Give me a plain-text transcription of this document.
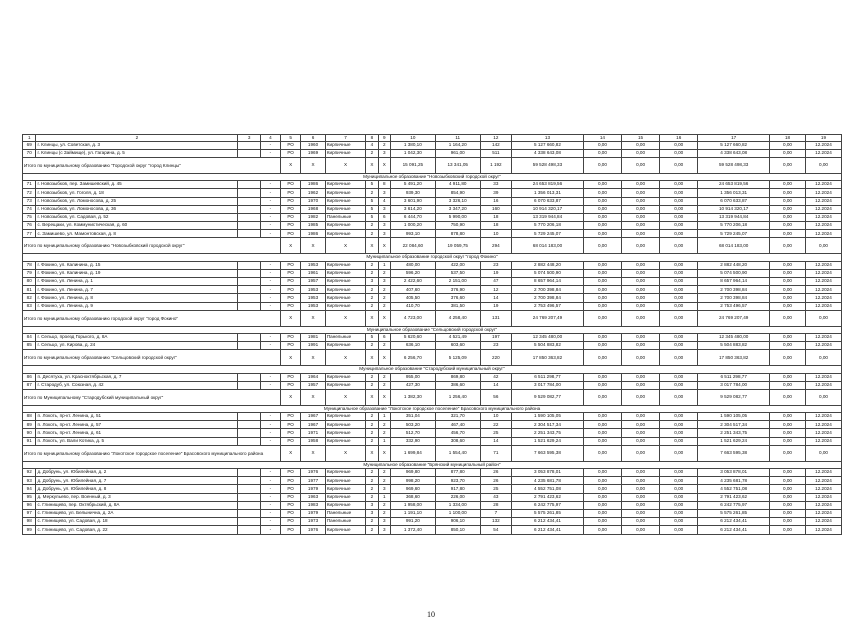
1	2	3	4	5	6	7	8	9	10	11	12	13	14	15	16	17	18	19
69	г. Клинцы, ул. Советская, д. 3		-	РО	1960	Кирпичные	4	2	1 380,10	1 164,20	142	5 127 660,82	0,00	0,00	0,00	5 127 660,82	0,00	12.2024
70	г. Клинцы (с Займище), ул. Гагарина, д. 5		-	РО	1969	Кирпичные	2	3	1 042,30	961,00	511	4 338 643,08	0,00	0,00	0,00	4 338 643,08	0,00	12.2024
Итого по муниципальному образованию "Городской округ "город Клинцы"				X	X	X	X	X	15 091,25	13 341,05	1 192	59 528 498,33	0,00	0,00	0,00	59 528 498,33	0,00	0,00
Муниципальное образование "Новозыбковский городской округ"																		
71	г. Новозыбков, пер. Замишевский, д. 45		-	РО	1986	Кирпичные	5	8	5 491,20	4 911,80	33	24 653 819,56	0,00	0,00	0,00	24 653 819,56	0,00	12.2024
72	г. Новозыбков, ул. Гоголя, д. 18		-	РО	1962	Кирпичные	2	3	939,30	854,90	39	1 356 013,31	0,00	0,00	0,00	1 356 013,31	0,00	12.2024
73	г. Новозыбков, ул. Ломоносова, д. 25		-	РО	1970	Кирпичные	5	4	3 601,90	3 326,10	16	6 070 633,87	0,00	0,00	0,00	6 070 633,87	0,00	12.2024
74	г. Новозыбков, ул. Ломоносова, д. 36		-	РО	1968	Кирпичные	5	3	3 614,20	3 347,20	160	10 914 320,17	0,00	0,00	0,00	10 914 320,17	0,00	12.2024
75	г. Новозыбков, ул. Садовая, д. 52		-	РО	1982	Панельные	5	6	6 444,70	5 990,00	18	13 319 944,84	0,00	0,00	0,00	13 319 944,84	0,00	12.2024
76	с. Верещаки, ул. Коммунистическая, д. 60		-	РО	1985	Кирпичные	2	3	1 000,20	750,90	18	5 770 206,18	0,00	0,00	0,00	5 770 206,18	0,00	12.2024
77	с. Замишево, ул. Мамонтовская, д. 8		-	РО	1986	Кирпичные	2	3	993,10	878,80	10	5 729 245,07	0,00	0,00	0,00	5 729 245,07	0,00	12.2024
Итого по муниципальному образованию "Новозыбковский городской округ"				X	X	X	X	X	22 084,60	19 059,75	294	68 014 183,00	0,00	0,00	0,00	68 014 183,00	0,00	0,00
Муниципальное образование городской округ "город Фокино"																		
78	г. Фокино, ул. Калинина, д. 15		-	РО	1953	Кирпичные	2	1	480,00	422,00	23	2 882 448,20	0,00	0,00	0,00	2 882 448,20	0,00	12.2024
79	г. Фокино, ул. Калинина, д. 19		-	РО	1961	Кирпичные	2	2	596,20	537,50	19	5 074 500,90	0,00	0,00	0,00	5 074 500,90	0,00	12.2024
80	г. Фокино, ул. Ленина, д. 1		-	РО	1957	Кирпичные	3	3	2 422,60	2 151,00	47	8 657 964,14	0,00	0,00	0,00	8 657 964,14	0,00	12.2024
81	г. Фокино, ул. Ленина, д. 7		-	РО	1953	Кирпичные	2	2	407,60	376,90	12	2 700 398,84	0,00	0,00	0,00	2 700 398,84	0,00	12.2024
82	г. Фокино, ул. Ленина, д. 8		-	РО	1953	Кирпичные	2	2	405,50	376,60	14	2 700 398,84	0,00	0,00	0,00	2 700 398,84	0,00	12.2024
83	г. Фокино, ул. Ленина, д. 9		-	РО	1953	Кирпичные	2	2	410,70	381,50	19	2 753 496,57	0,00	0,00	0,00	2 753 496,57	0,00	12.2024
Итого по муниципальному образованию городской округ "город Фокино"				X	X	X	X	X	4 723,00	4 258,40	131	24 769 207,49	0,00	0,00	0,00	24 769 207,49	0,00	0,00
Муниципальное образование "Сельцовский городской округ"																		
84	г. Сельцо, проезд Горького, д. 8А		-	РО	1981	Панельные	5	6	5 620,60	4 521,49	197	12 345 480,00	0,00	0,00	0,00	12 345 480,00	0,00	12.2024
85	г. Сельцо, ул. Кирова, д. 24		-	РО	1991	Кирпичные	2	2	636,10	603,60	23	5 504 883,82	0,00	0,00	0,00	5 504 883,82	0,00	12.2024
Итого по муниципальному образованию "Сельцовский городской округ"				X	X	X	X	X	6 256,70	5 125,09	220	17 850 363,82	0,00	0,00	0,00	17 850 363,82	0,00	0,00
Муниципальное образование "Стародубский муниципальный округ"																		
86	п. Десятуха, ул. Красноктябрьская, д. 7		-	РО	1964	Кирпичные	2	2	955,00	869,80	42	6 511 298,77	0,00	0,00	0,00	6 511 298,77	0,00	12.2024
87	г. Стародуб, ул. Союзная, д. 42		-	РО	1957	Кирпичные	2	2	427,30	386,60	14	3 017 784,00	0,00	0,00	0,00	3 017 784,00	0,00	12.2024
Итого по Муниципальному "Стародубский муниципальный округ"				X	X	X	X	X	1 382,30	1 256,40	56	9 529 082,77	0,00	0,00	0,00	9 529 082,77	0,00	0,00
Муниципальное образование "Локотское городское поселение" Брасовского муниципального района																		
88	п. Локоть, пр-кт. Ленина, д. 51		-	РО	1967	Кирпичные	2	1	351,04	321,70	10	1 590 105,05	0,00	0,00	0,00	1 590 105,05	0,00	12.2024
89	п. Локоть, пр-кт. Ленина, д. 57		-	РО	1967	Кирпичные	2	2	503,20	467,40	22	2 304 517,34	0,00	0,00	0,00	2 304 517,34	0,00	12.2024
90	п. Локоть, пр-кт. Ленина, д. 61		-	РО	1971	Кирпичные	2	2	512,70	456,70	25	2 251 343,75	0,00	0,00	0,00	2 251 343,75	0,00	12.2024
91	п. Локоть, ул. Вали Котика, д. 5		-	РО	1958	Кирпичные	2	1	332,90	308,60	14	1 521 629,24	0,00	0,00	0,00	1 521 629,24	0,00	12.2024
Итого по муниципальному образованию "Локотское городское поселение" Брасовского муниципального района				X	X	X	X	X	1 699,84	1 554,40	71	7 663 595,38	0,00	0,00	0,00	7 663 595,38	0,00	0,00
Муниципальное образование "Брянский муниципальный район"																		
92	д. Добрунь, ул. Юбилейная, д. 2		-	РО	1976	Кирпичные	2	2	969,80	877,80	26	3 053 878,01	0,00	0,00	0,00	3 053 878,01	0,00	12.2024
93	д. Добрунь, ул. Юбилейная, д. 7		-	РО	1977	Кирпичные	2	2	998,20	923,70	26	4 235 681,78	0,00	0,00	0,00	4 235 681,78	0,00	12.2024
94	д. Добрунь, ул. Юбилейная, д. 8		-	РО	1979	Кирпичные	2	3	969,60	917,80	25	4 552 751,08	0,00	0,00	0,00	4 552 751,08	0,00	12.2024
95	д. Меркульево, пер. Военный, д. 3		-	РО	1963	Кирпичные	2	1	368,60	226,00	43	2 791 423,62	0,00	0,00	0,00	2 791 423,62	0,00	12.2024
96	с. Глинищево, пер. Октябрьский, д. 8А		-	РО	1983	Кирпичные	3	2	1 958,00	1 334,00	28	6 242 775,97	0,00	0,00	0,00	6 242 775,97	0,00	12.2024
97	с. Глинищево, ул. Белынична, д. 2А		-	РО	1979	Панельные	3	2	1 191,10	1 100,00	7	5 575 261,85	0,00	0,00	0,00	5 575 261,85	0,00	12.2024
98	с. Глинищево, ул. Садовая, д. 18		-	РО	1973	Панельные	2	3	991,20	906,10	132	6 212 434,41	0,00	0,00	0,00	6 212 434,41	0,00	12.2024
99	с. Глинищево, ул. Садовая, д. 22		-	РО	1976	Кирпичные	2	3	1 372,40	850,10	54	6 212 434,41	0,00	0,00	0,00	6 212 434,41	0,00	12.2024
10
